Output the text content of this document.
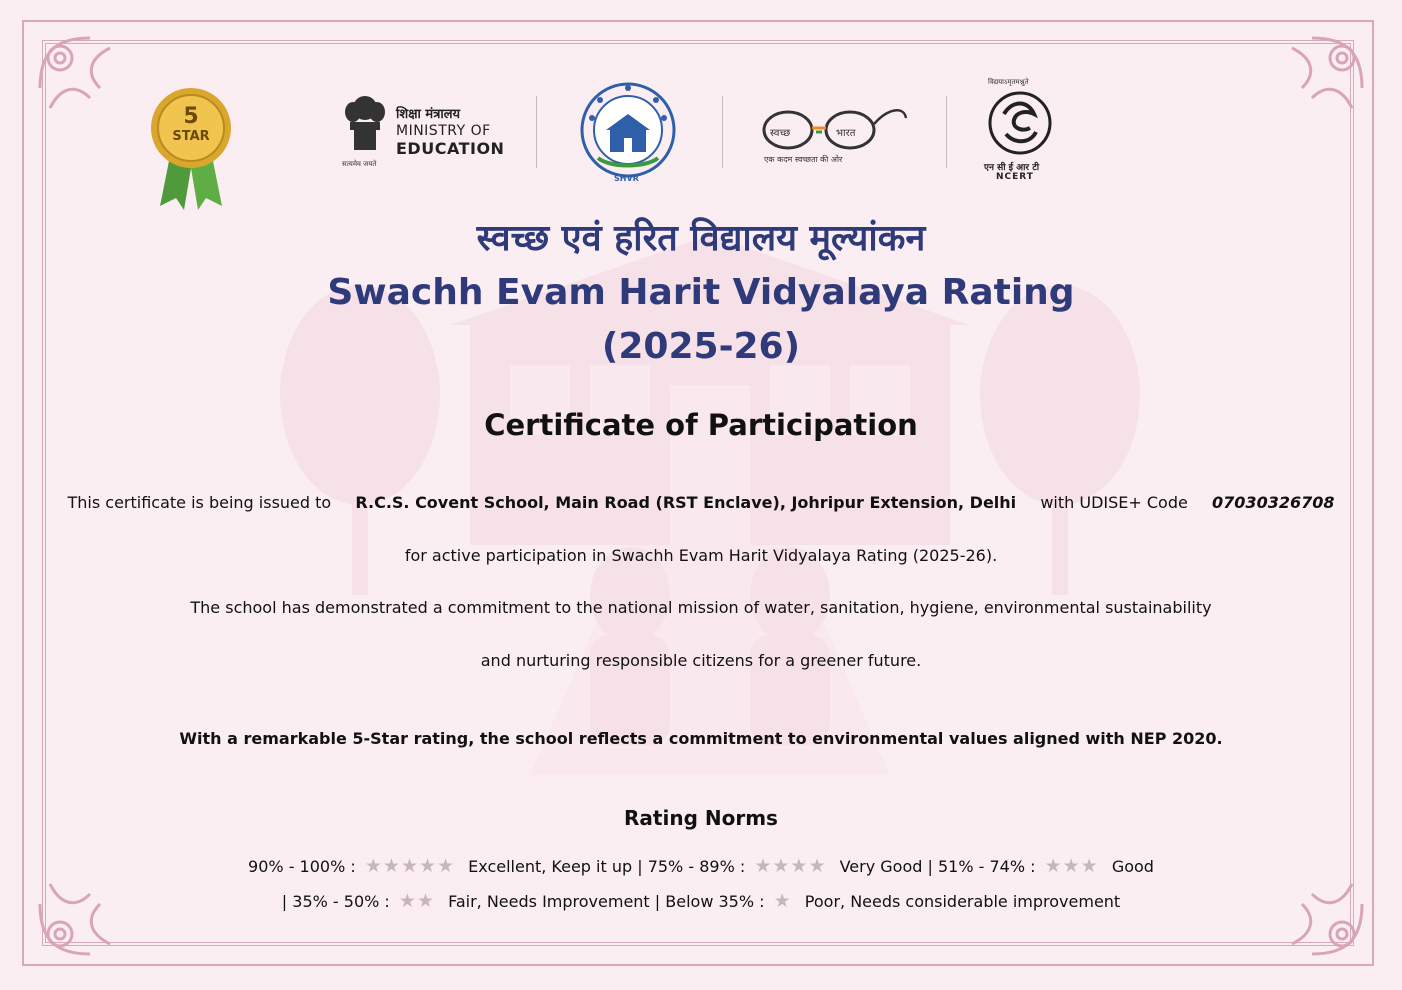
5
STAR
सत्यमेव जयते
शिक्षा मंत्रालय
MINISTRY OF
EDUCATION
SHVR
स्वच्छ	भारत
एक कदम स्वच्छता की ओर
विद्ययाऽमृतमश्नुते
एन सी ई आर टी
NCERT
स्वच्छ एवं हरित विद्यालय मूल्यांकन
Swachh Evam Harit Vidyalaya Rating
(2025-26)
Certificate of Participation
This certificate is being issued to R.C.S. Covent School, Main Road (RST Enclave), Johripur Extension, Delhi with UDISE+ Code 07030326708
for active participation in Swachh Evam Harit Vidyalaya Rating (2025-26).
The school has demonstrated a commitment to the national mission of water, sanitation, hygiene, environmental sustainability
and nurturing responsible citizens for a greener future.
With a remarkable 5-Star rating, the school reflects a commitment to environmental values aligned with NEP 2020.
Rating Norms
90% - 100% : ★★★★★ Excellent, Keep it up | 75% - 89% : ★★★★ Very Good | 51% - 74% : ★★★ Good
| 35% - 50% : ★★ Fair, Needs Improvement | Below 35% : ★ Poor, Needs considerable improvement
